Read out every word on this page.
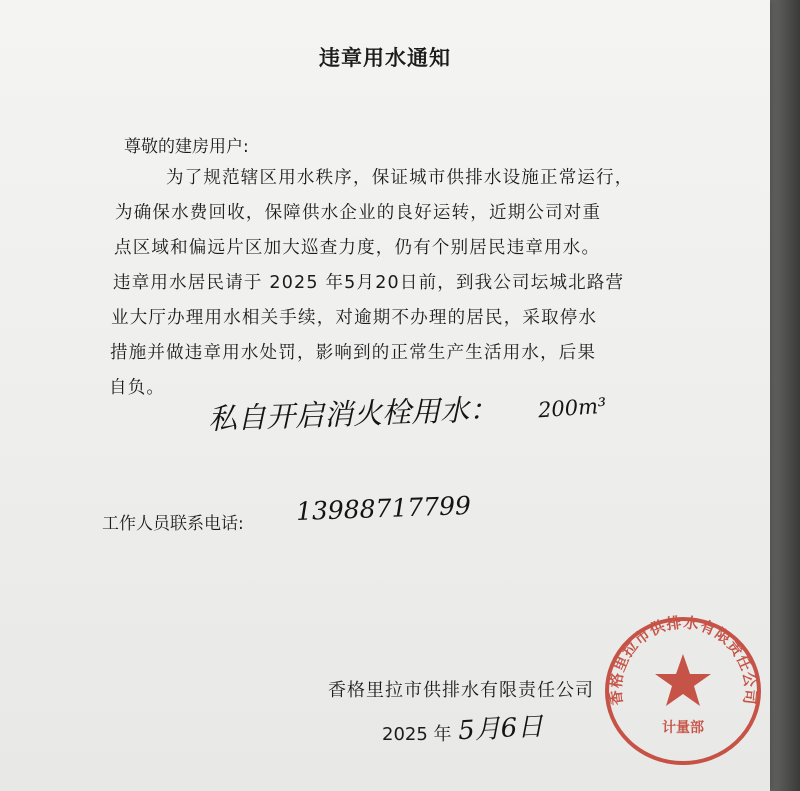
违章用水通知
尊敬的建房用户:
为了规范辖区用水秩序，保证城市供排水设施正常运行，
为确保水费回收，保障供水企业的良好运转，近期公司对重
点区域和偏远片区加大巡查力度，仍有个别居民违章用水。
违章用水居民请于 2025 年5月20日前，到我公司坛城北路营
业大厅办理用水相关手续，对逾期不办理的居民，采取停水
措施并做违章用水处罚，影响到的正常生产生活用水，后果
自负。
私自开启消火栓用水： 200m³
工作人员联系电话: 13988717799
香格里拉市供排水有限责任公司
2025 年 5月6日
香格里拉市供排水有限责任公司
计量部
